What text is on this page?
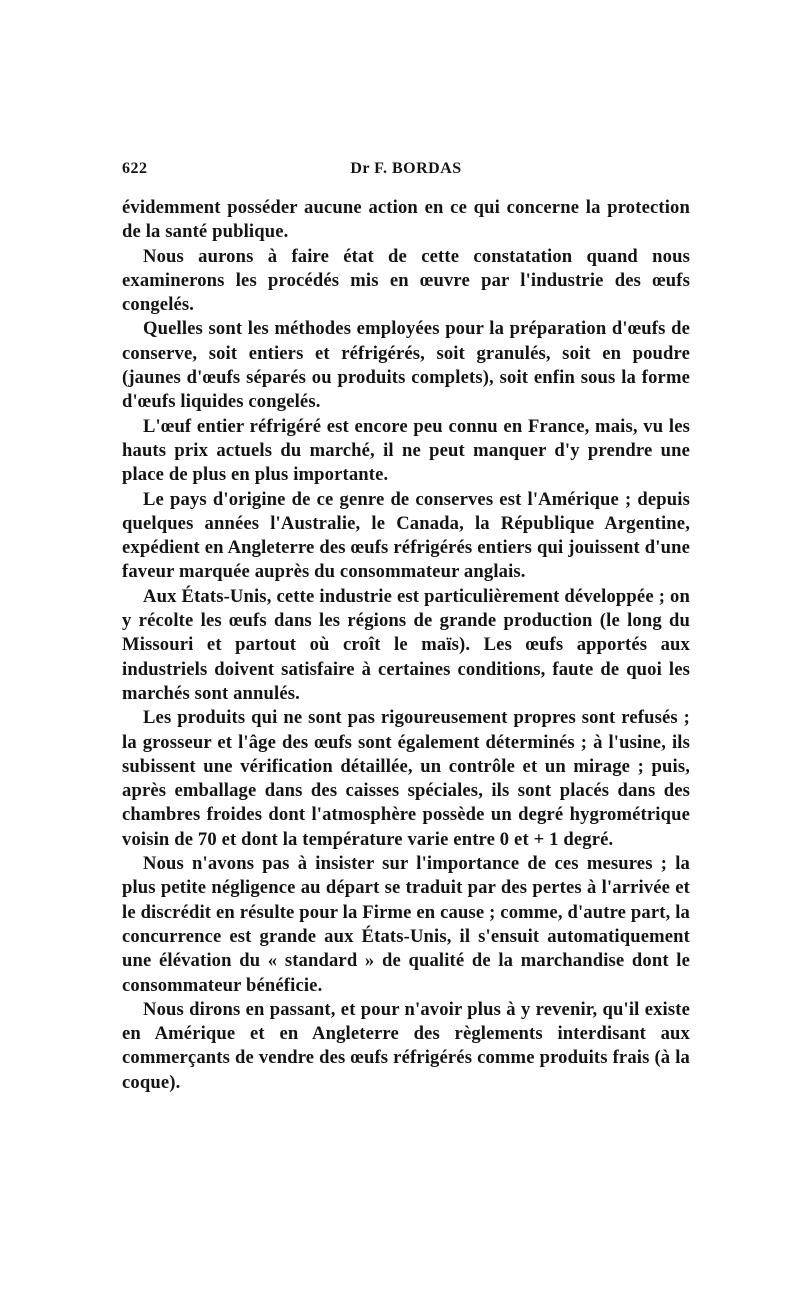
622	Dr F. BORDAS

évidemment posséder aucune action en ce qui concerne la protection de la santé publique.

Nous aurons à faire état de cette constatation quand nous examinerons les procédés mis en œuvre par l'industrie des œufs congelés.

Quelles sont les méthodes employées pour la préparation d'œufs de conserve, soit entiers et réfrigérés, soit granulés, soit en poudre (jaunes d'œufs séparés ou produits complets), soit enfin sous la forme d'œufs liquides congelés.

L'œuf entier réfrigéré est encore peu connu en France, mais, vu les hauts prix actuels du marché, il ne peut manquer d'y prendre une place de plus en plus importante.

Le pays d'origine de ce genre de conserves est l'Amérique ; depuis quelques années l'Australie, le Canada, la République Argentine, expédient en Angleterre des œufs réfrigérés entiers qui jouissent d'une faveur marquée auprès du consommateur anglais.

Aux États-Unis, cette industrie est particulièrement développée ; on y récolte les œufs dans les régions de grande production (le long du Missouri et partout où croît le maïs). Les œufs apportés aux industriels doivent satisfaire à certaines conditions, faute de quoi les marchés sont annulés.

Les produits qui ne sont pas rigoureusement propres sont refusés ; la grosseur et l'âge des œufs sont également déterminés ; à l'usine, ils subissent une vérification détaillée, un contrôle et un mirage ; puis, après emballage dans des caisses spéciales, ils sont placés dans des chambres froides dont l'atmosphère possède un degré hygrométrique voisin de 70 et dont la température varie entre 0 et + 1 degré.

Nous n'avons pas à insister sur l'importance de ces mesures ; la plus petite négligence au départ se traduit par des pertes à l'arrivée et le discrédit en résulte pour la Firme en cause ; comme, d'autre part, la concurrence est grande aux États-Unis, il s'ensuit automatiquement une élévation du « standard » de qualité de la marchandise dont le consommateur bénéficie.

Nous dirons en passant, et pour n'avoir plus à y revenir, qu'il existe en Amérique et en Angleterre des règlements interdisant aux commerçants de vendre des œufs réfrigérés comme produits frais (à la coque).
